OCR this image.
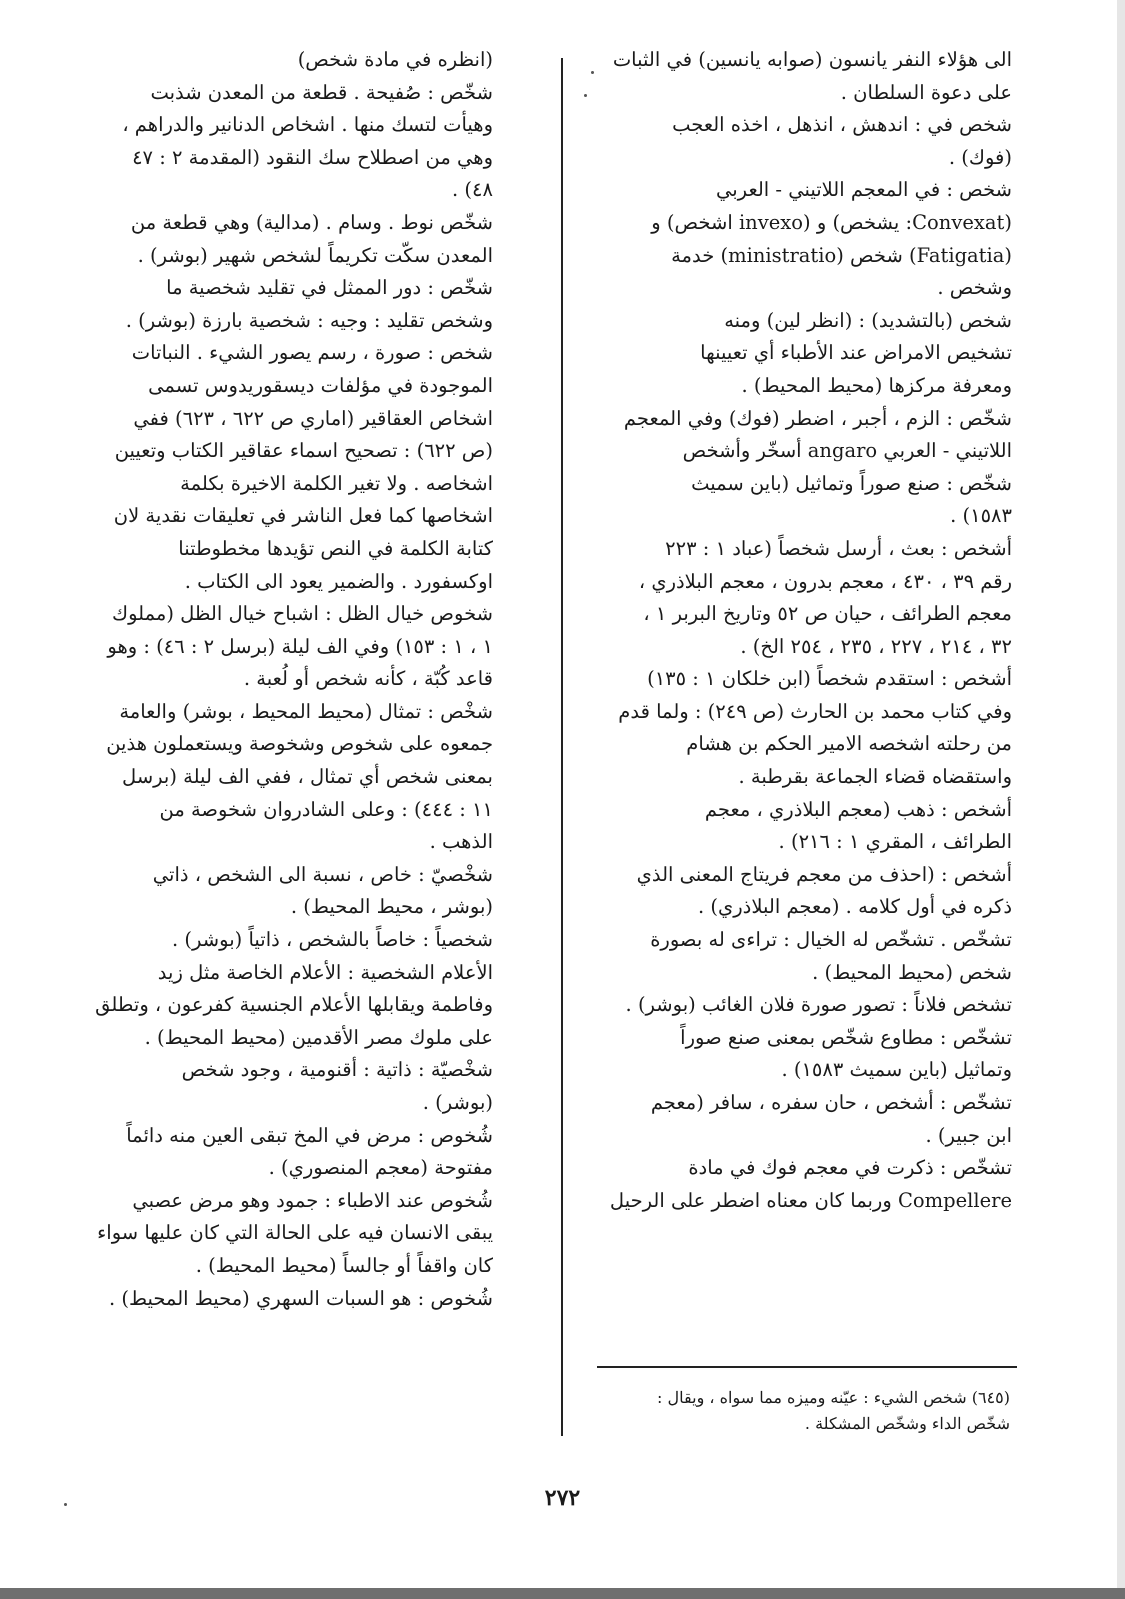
الى هؤلاء النفر يانسون (صوابه يانسين) في الثبات
على دعوة السلطان .
شخص في : اندهش ، انذهل ، اخذه العجب
(فوك) .
شخص : في المعجم اللاتيني - العربي
(Convexat: يشخص) و (invexo اشخص) و
(Fatigatia) شخص (ministratio) خدمة
وشخص .
شخص (بالتشديد) : (انظر لين) ومنه
تشخيص الامراض عند الأطباء أي تعيينها
ومعرفة مركزها (محيط المحيط) .
شخّص : الزم ، أجبر ، اضطر (فوك) وفي المعجم
اللاتيني - العربي angaro أسخّر وأشخص
شخّص : صنع صوراً وتماثيل (باين سميث
١٥٨٣) .
أشخص : بعث ، أرسل شخصاً (عباد ١ : ٢٢٣
رقم ٣٩ ، ٤٣٠ ، معجم بدرون ، معجم البلاذري ،
معجم الطرائف ، حيان ص ٥٢ وتاريخ البربر ١ ،
٣٢ ، ٢١٤ ، ٢٢٧ ، ٢٣٥ ، ٢٥٤ الخ) .
أشخص : استقدم شخصاً (ابن خلكان ١ : ١٣٥)
وفي كتاب محمد بن الحارث (ص ٢٤٩) : ولما قدم
من رحلته اشخصه الامير الحكم بن هشام
واستقضاه قضاء الجماعة بقرطبة .
أشخص : ذهب (معجم البلاذري ، معجم
الطرائف ، المقري ١ : ٢١٦) .
أشخص : (احذف من معجم فريتاج المعنى الذي
ذكره في أول كلامه . (معجم البلاذري) .
تشخّص . تشخّص له الخيال : تراءى له بصورة
شخص (محيط المحيط) .
تشخص فلاناً : تصور صورة فلان الغائب (بوشر) .
تشخّص : مطاوع شخّص بمعنى صنع صوراً
وتماثيل (باين سميث ١٥٨٣) .
تشخّص : أشخص ، حان سفره ، سافر (معجم
ابن جبير) .
تشخّص : ذكرت في معجم فوك في مادة
Compellere وربما كان معناه اضطر على الرحيل
(انظره في مادة شخص)
شخّص : صُفيحة . قطعة من المعدن شذبت
وهيأت لتسك منها . اشخاص الدنانير والدراهم ،
وهي من اصطلاح سك النقود (المقدمة ٢ : ٤٧
٤٨) .
شخّص نوط . وسام . (مدالية) وهي قطعة من
المعدن سكّت تكريماً لشخص شهير (بوشر) .
شخّص : دور الممثل في تقليد شخصية ما
وشخص تقليد : وجيه : شخصية بارزة (بوشر) .
شخص : صورة ، رسم يصور الشيء . النباتات
الموجودة في مؤلفات ديسقوريدوس تسمى
اشخاص العقاقير (اماري ص ٦٢٢ ، ٦٢٣) ففي
(ص ٦٢٢) : تصحيح اسماء عقاقير الكتاب وتعيين
اشخاصه . ولا تغير الكلمة الاخيرة بكلمة
اشخاصها كما فعل الناشر في تعليقات نقدية لان
كتابة الكلمة في النص تؤيدها مخطوطتنا
اوكسفورد . والضمير يعود الى الكتاب .
شخوص خيال الظل : اشباح خيال الظل (مملوك
١ ، ١ : ١٥٣) وفي الف ليلة (برسل ٢ : ٤٦) : وهو
قاعد كُبّة ، كأنه شخص أو لُعبة .
شخْص : تمثال (محيط المحيط ، بوشر) والعامة
جمعوه على شخوص وشخوصة ويستعملون هذين
بمعنى شخص أي تمثال ، ففي الف ليلة (برسل
١١ : ٤٤٤) : وعلى الشادروان شخوصة من
الذهب .
شخْصيّ : خاص ، نسبة الى الشخص ، ذاتي
(بوشر ، محيط المحيط) .
شخصياً : خاصاً بالشخص ، ذاتياً (بوشر) .
الأعلام الشخصية : الأعلام الخاصة مثل زيد
وفاطمة ويقابلها الأعلام الجنسية كفرعون ، وتطلق
على ملوك مصر الأقدمين (محيط المحيط) .
شخْصيّة : ذاتية : أقنومية ، وجود شخص
(بوشر) .
شُخوص : مرض في المخ تبقى العين منه دائماً
مفتوحة (معجم المنصوري) .
شُخوص عند الاطباء : جمود وهو مرض عصبي
يبقى الانسان فيه على الحالة التي كان عليها سواء
كان واقفاً أو جالساً (محيط المحيط) .
شُخوص : هو السبات السهري (محيط المحيط) .
(٦٤٥) شخص الشيء : عيّنه وميزه مما سواه ، ويقال :
شخّص الداء وشخّص المشكلة .
٢٧٢
